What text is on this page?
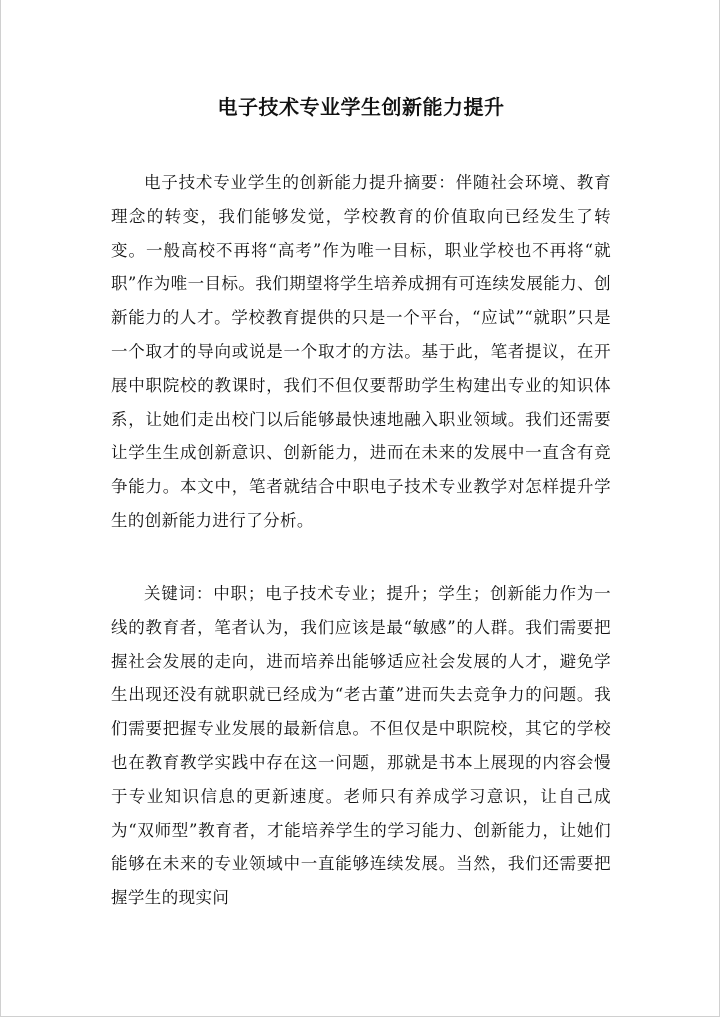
电子技术专业学生创新能力提升

电子技术专业学生的创新能力提升摘要：伴随社会环境、教育理念的转变，我们能够发觉，学校教育的价值取向已经发生了转变。一般高校不再将“高考”作为唯一目标，职业学校也不再将“就职”作为唯一目标。我们期望将学生培养成拥有可连续发展能力、创新能力的人才。学校教育提供的只是一个平台，“应试”“就职”只是一个取才的导向或说是一个取才的方法。基于此，笔者提议，在开展中职院校的教课时，我们不但仅要帮助学生构建出专业的知识体系，让她们走出校门以后能够最快速地融入职业领域。我们还需要让学生生成创新意识、创新能力，进而在未来的发展中一直含有竞争能力。本文中，笔者就结合中职电子技术专业教学对怎样提升学生的创新能力进行了分析。

关键词：中职；电子技术专业；提升；学生；创新能力作为一线的教育者，笔者认为，我们应该是最“敏感”的人群。我们需要把握社会发展的走向，进而培养出能够适应社会发展的人才，避免学生出现还没有就职就已经成为“老古董”进而失去竞争力的问题。我们需要把握专业发展的最新信息。不但仅是中职院校，其它的学校也在教育教学实践中存在这一问题，那就是书本上展现的内容会慢于专业知识信息的更新速度。老师只有养成学习意识，让自己成为“双师型”教育者，才能培养学生的学习能力、创新能力，让她们能够在未来的专业领域中一直能够连续发展。当然，我们还需要把握学生的现实问
